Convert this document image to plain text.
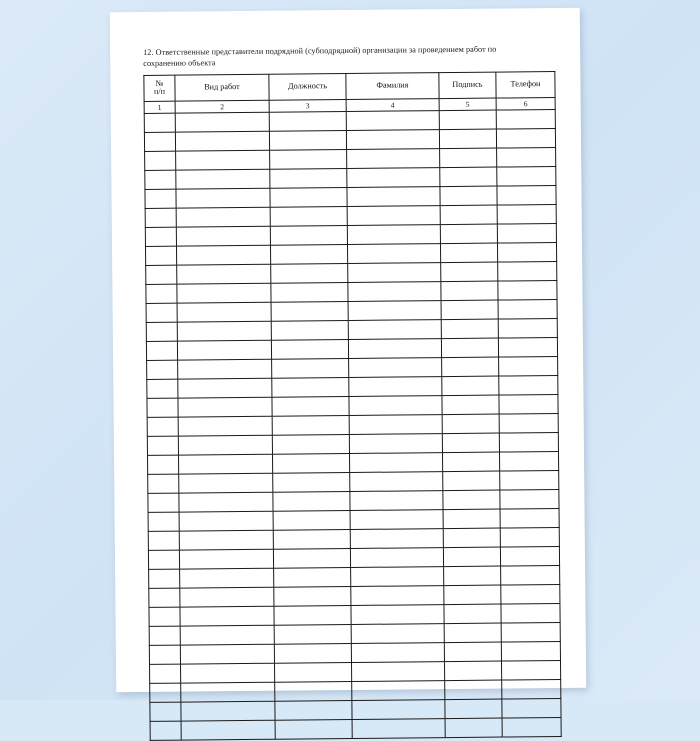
12. Ответственные представители подрядной (субподрядной) организации за проведением работ по
сохранению объекта
№
п/п	Вид работ	Должность	Фамилия	Подпись	Телефон
1	2	3	4	5	6
